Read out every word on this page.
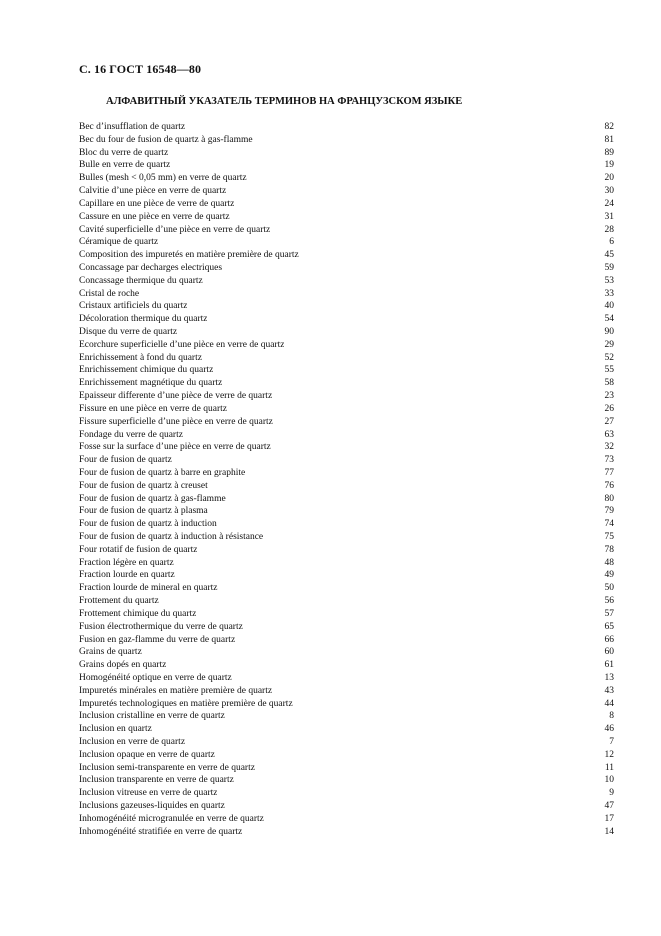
С. 16 ГОСТ 16548—80
АЛФАВИТНЫЙ УКАЗАТЕЛЬ ТЕРМИНОВ НА ФРАНЦУЗСКОМ ЯЗЫКЕ
Bec d’insufflation de quartz	82
Bec du four de fusion de quartz à gas-flamme	81
Bloc du verre de quartz	89
Bulle en verre de quartz	19
Bulles (mesh < 0,05 mm) en verre de quartz	20
Calvitie d’une pièce en verre de quartz	30
Capillare en une pièce de verre de quartz	24
Cassure en une pièce en verre de quartz	31
Cavité superficielle d’une pièce en verre de quartz	28
Céramique de quartz	6
Composition des impuretés en matière première de quartz	45
Concassage par decharges electriques	59
Concassage thermique du quartz	53
Cristal de roche	33
Cristaux artificiels du quartz	40
Décoloration thermique du quartz	54
Disque du verre de quartz	90
Ecorchure superficielle d’une pièce en verre de quartz	29
Enrichissement à fond du quartz	52
Enrichissement chimique du quartz	55
Enrichissement magnétique du quartz	58
Epaisseur differente d’une pièce de verre de quartz	23
Fissure en une pièce en verre de quartz	26
Fissure superficielle d’une pièce en verre de quartz	27
Fondage du verre de quartz	63
Fosse sur la surface d’une pièce en verre de quartz	32
Four de fusion de quartz	73
Four de fusion de quartz à barre en graphite	77
Four de fusion de quartz à creuset	76
Four de fusion de quartz à gas-flamme	80
Four de fusion de quartz à plasma	79
Four de fusion de quartz à induction	74
Four de fusion de quartz à induction à résistance	75
Four rotatif de fusion de quartz	78
Fraction légère en quartz	48
Fraction lourde en quartz	49
Fraction lourde de mineral en quartz	50
Frottement du quartz	56
Frottement chimique du quartz	57
Fusion électrothermique du verre de quartz	65
Fusion en gaz-flamme du verre de quartz	66
Grains de quartz	60
Grains dopés en quartz	61
Homogénéité optique en verre de quartz	13
Impuretés minérales en matière première de quartz	43
Impuretés technologiques en matière première de quartz	44
Inclusion cristalline en verre de quartz	8
Inclusion en quartz	46
Inclusion en verre de quartz	7
Inclusion opaque en verre de quartz	12
Inclusion semi-transparente en verre de quartz	11
Inclusion transparente en verre de quartz	10
Inclusion vitreuse en verre de quartz	9
Inclusions gazeuses-liquides en quartz	47
Inhomogénéité microgranulée en verre de quartz	17
Inhomogénéité stratifiée en verre de quartz	14
